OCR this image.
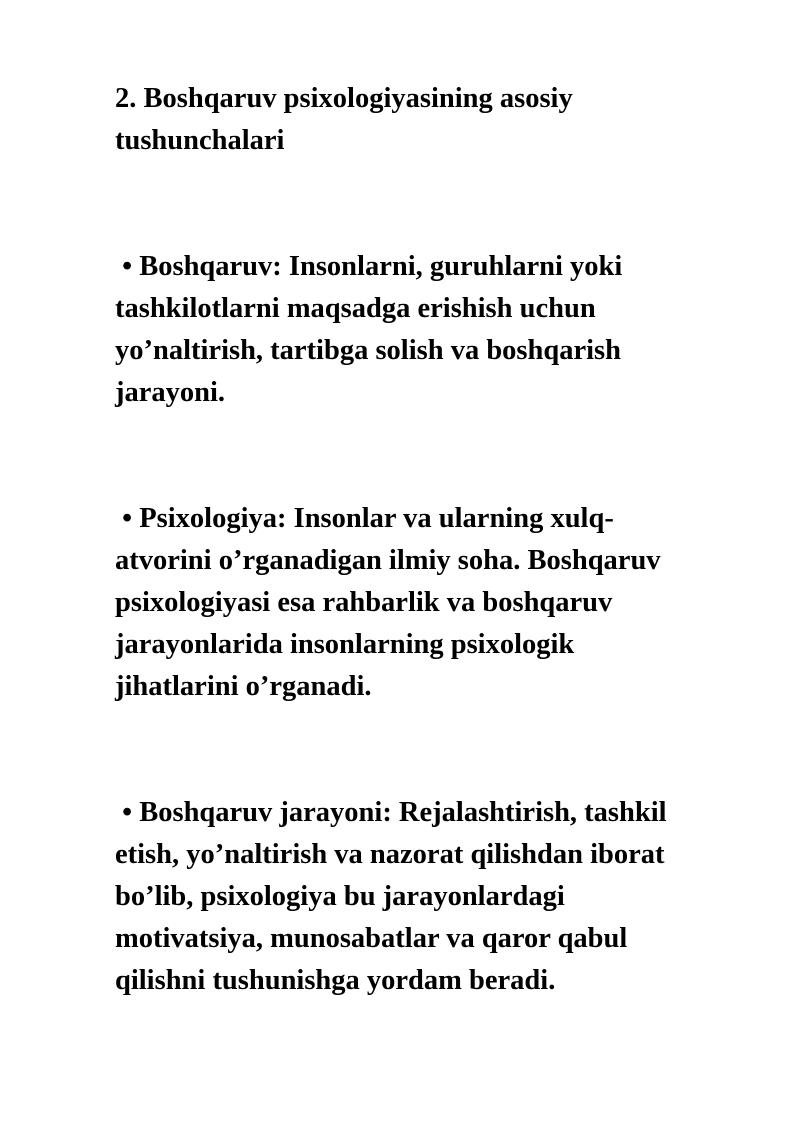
2. Boshqaruv psixologiyasining asosiy
tushunchalari
• Boshqaruv: Insonlarni, guruhlarni yoki
tashkilotlarni maqsadga erishish uchun
yo’naltirish, tartibga solish va boshqarish
jarayoni.
• Psixologiya: Insonlar va ularning xulq-
atvorini o’rganadigan ilmiy soha. Boshqaruv
psixologiyasi esa rahbarlik va boshqaruv
jarayonlarida insonlarning psixologik
jihatlarini o’rganadi.
• Boshqaruv jarayoni: Rejalashtirish, tashkil
etish, yo’naltirish va nazorat qilishdan iborat
bo’lib, psixologiya bu jarayonlardagi
motivatsiya, munosabatlar va qaror qabul
qilishni tushunishga yordam beradi.
